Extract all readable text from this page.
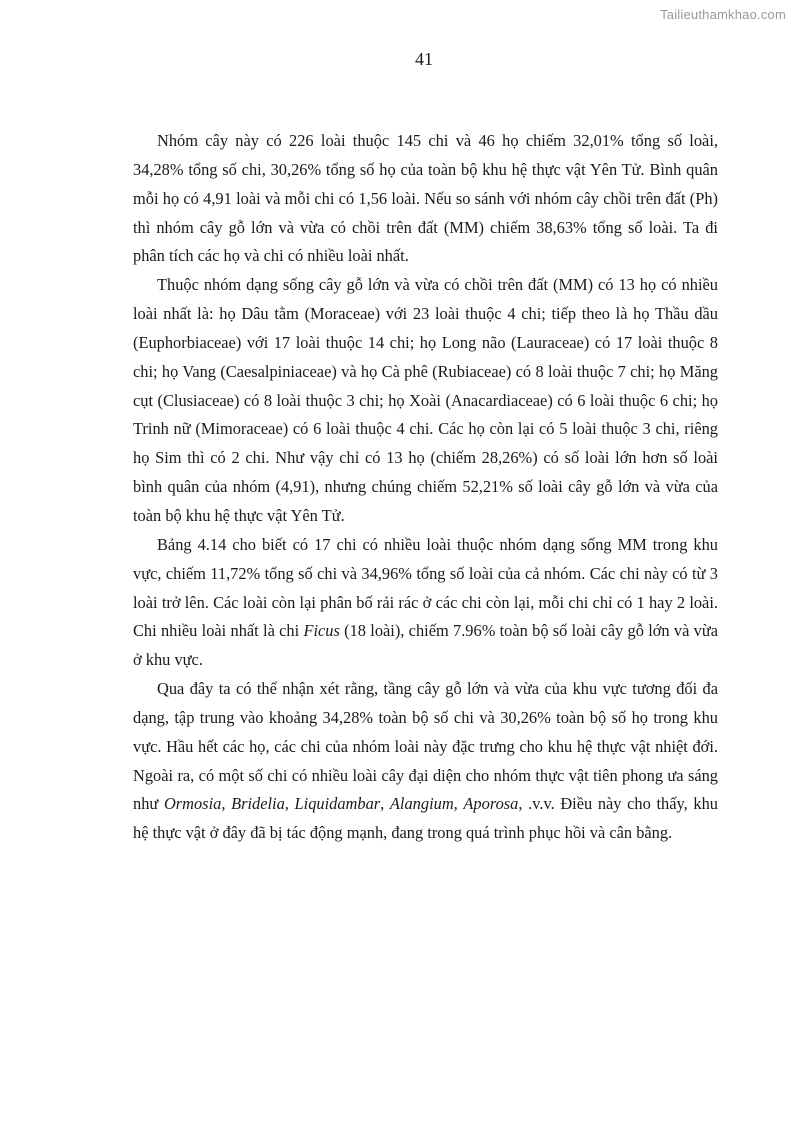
Tailieuthamkhao.com
41

Nhóm cây này có 226 loài thuộc 145 chi và 46 họ chiếm 32,01% tổng số loài, 34,28% tổng số chi, 30,26% tổng số họ của toàn bộ khu hệ thực vật Yên Tử. Bình quân mỗi họ có 4,91 loài và mỗi chi có 1,56 loài. Nếu so sánh với nhóm cây chồi trên đất (Ph) thì nhóm cây gỗ lớn và vừa có chồi trên đất (MM) chiếm 38,63% tổng số loài. Ta đi phân tích các họ và chi có nhiều loài nhất.

Thuộc nhóm dạng sống cây gỗ lớn và vừa có chồi trên đất (MM) có 13 họ có nhiều loài nhất là: họ Dâu tằm (Moraceae) với 23 loài thuộc 4 chi; tiếp theo là họ Thầu dầu (Euphorbiaceae) với 17 loài thuộc 14 chi; họ Long não (Lauraceae) có 17 loài thuộc 8 chi; họ Vang (Caesalpiniaceae) và họ Cà phê (Rubiaceae) có 8 loài thuộc 7 chi; họ Măng cụt (Clusiaceae) có 8 loài thuộc 3 chi; họ Xoài (Anacardiaceae) có 6 loài thuộc 6 chi; họ Trinh nữ (Mimoraceae) có 6 loài thuộc 4 chi. Các họ còn lại có 5 loài thuộc 3 chi, riêng họ Sim thì có 2 chi. Như vậy chỉ có 13 họ (chiếm 28,26%) có số loài lớn hơn số loài bình quân của nhóm (4,91), nhưng chúng chiếm 52,21% số loài cây gỗ lớn và vừa của toàn bộ khu hệ thực vật Yên Tử.

Bảng 4.14 cho biết có 17 chi có nhiều loài thuộc nhóm dạng sống MM trong khu vực, chiếm 11,72% tổng số chi và 34,96% tổng số loài của cả nhóm. Các chi này có từ 3 loài trở lên. Các loài còn lại phân bố rải rác ở các chi còn lại, mỗi chi chỉ có 1 hay 2 loài. Chi nhiều loài nhất là chi Ficus (18 loài), chiếm 7.96% toàn bộ số loài cây gỗ lớn và vừa ở khu vực.

Qua đây ta có thể nhận xét rằng, tầng cây gỗ lớn và vừa của khu vực tương đối đa dạng, tập trung vào khoảng 34,28% toàn bộ số chi và 30,26% toàn bộ số họ trong khu vực. Hầu hết các họ, các chi của nhóm loài này đặc trưng cho khu hệ thực vật nhiệt đới. Ngoài ra, có một số chi có nhiều loài cây đại diện cho nhóm thực vật tiên phong ưa sáng như Ormosia, Bridelia, Liquidambar, Alangium, Aporosa, .v.v. Điều này cho thấy, khu hệ thực vật ở đây đã bị tác động mạnh, đang trong quá trình phục hồi và cân bằng.
